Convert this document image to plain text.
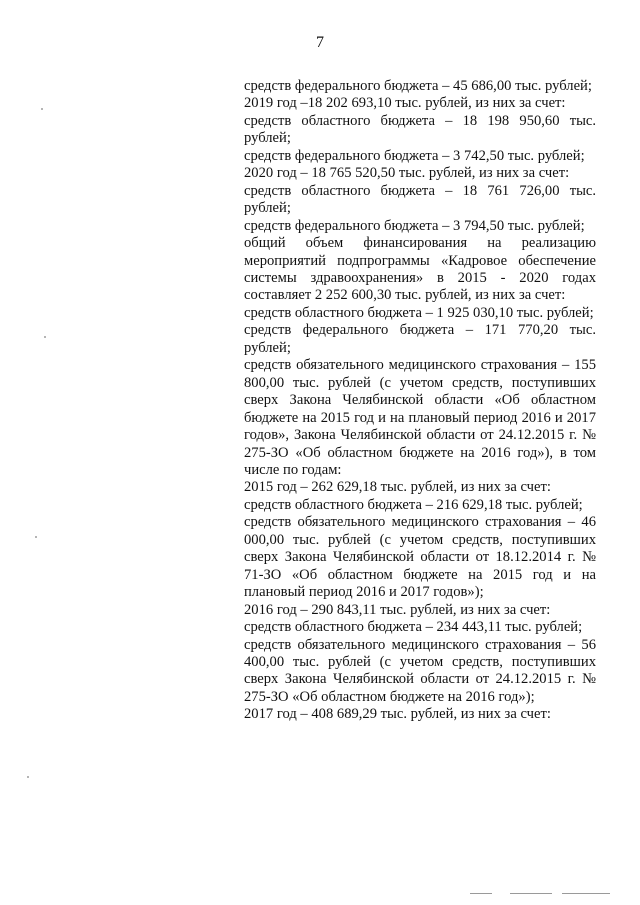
7

средств федерального бюджета – 45 686,00 тыс. рублей;

2019 год –18 202 693,10 тыс. рублей, из них за счет:

средств областного бюджета – 18 198 950,60 тыс. рублей;

средств федерального бюджета – 3 742,50 тыс. рублей;

2020 год – 18 765 520,50 тыс. рублей, из них за счет:

средств областного бюджета – 18 761 726,00 тыс. рублей;

средств федерального бюджета – 3 794,50 тыс. рублей;

общий объем финансирования на реализацию мероприятий подпрограммы «Кадровое обеспечение системы здравоохранения» в 2015 - 2020 годах составляет 2 252 600,30 тыс. рублей, из них за счет:

средств областного бюджета – 1 925 030,10 тыс. рублей;

средств федерального бюджета – 171 770,20 тыс. рублей;

средств обязательного медицинского страхования – 155 800,00 тыс. рублей (с учетом средств, поступивших сверх Закона Челябинской области «Об областном бюджете на 2015 год и на плановый период 2016 и 2017 годов», Закона Челябинской области от 24.12.2015 г. № 275-ЗО «Об областном бюджете на 2016 год»), в том числе по годам:

2015 год – 262 629,18 тыс. рублей, из них за счет:

средств областного бюджета – 216 629,18 тыс. рублей;

средств обязательного медицинского страхования – 46 000,00 тыс. рублей (с учетом средств, поступивших сверх Закона Челябинской области от 18.12.2014 г. № 71-ЗО «Об областном бюджете на 2015 год и на плановый период 2016 и 2017 годов»);

2016 год – 290 843,11 тыс. рублей, из них за счет:

средств областного бюджета – 234 443,11 тыс. рублей;

средств обязательного медицинского страхования – 56 400,00 тыс. рублей (с учетом средств, поступивших сверх Закона Челябинской области от 24.12.2015 г. № 275-ЗО «Об областном бюджете на 2016 год»);

2017 год – 408 689,29 тыс. рублей, из них за счет:
